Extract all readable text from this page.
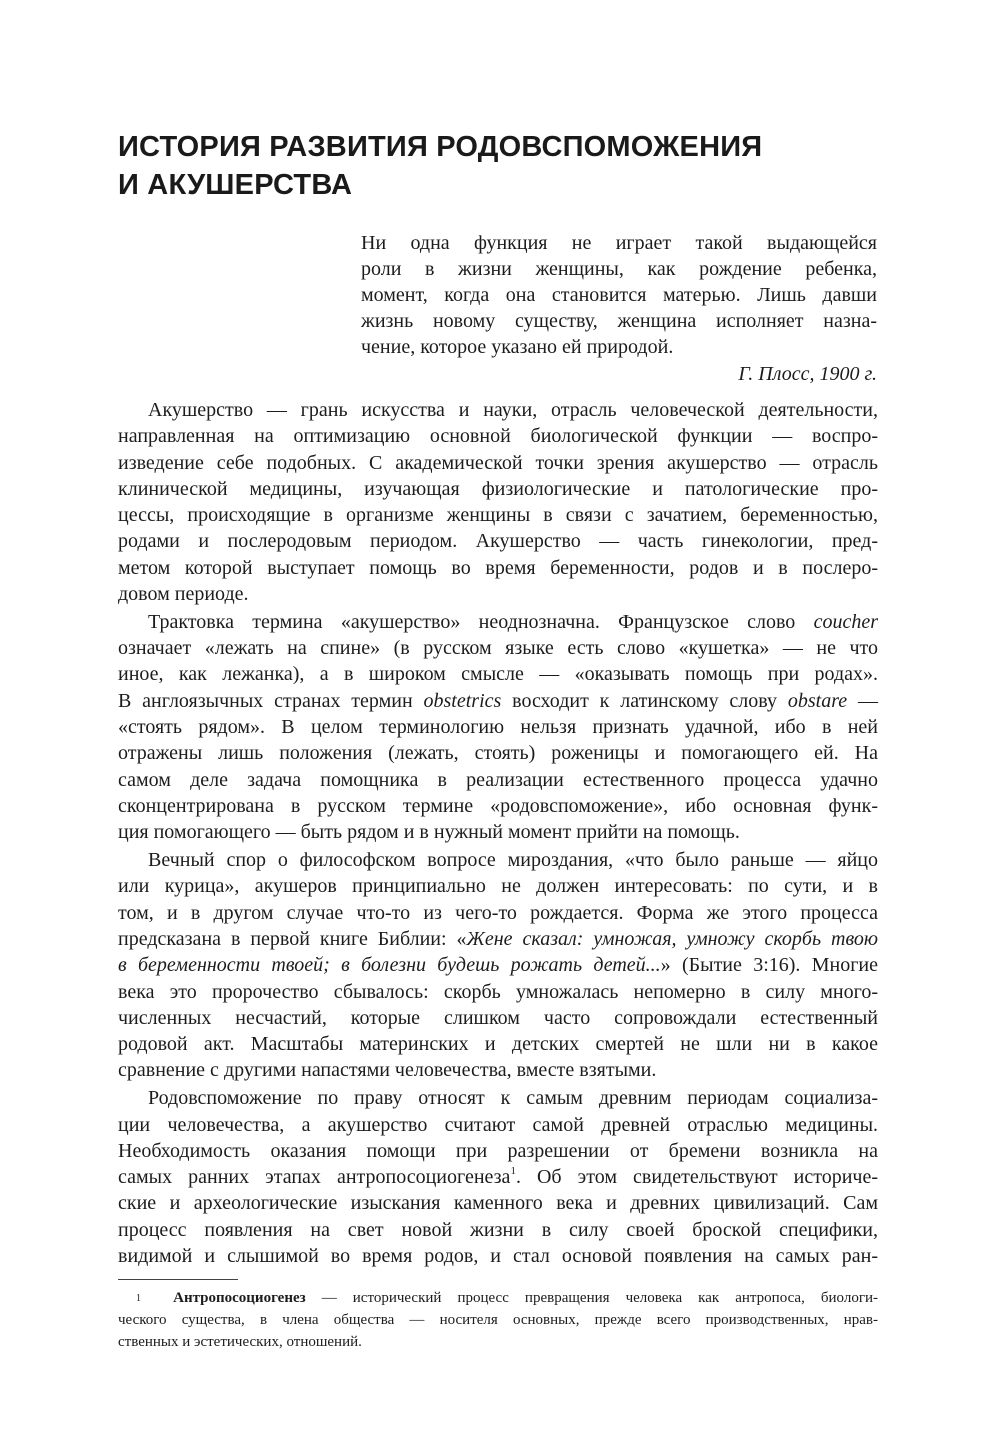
ИСТОРИЯ РАЗВИТИЯ РОДОВСПОМОЖЕНИЯ
И АКУШЕРСТВА
Ни одна функция не играет такой выдающейся
роли в жизни женщины, как рождение ребенка,
момент, когда она становится матерью. Лишь давши
жизнь новому существу, женщина исполняет назна-
чение, которое указано ей природой.
Г. Плосс, 1900 г.
Акушерство — грань искусства и науки, отрасль человеческой деятельности,
направленная на оптимизацию основной биологической функции — воспро-
изведение себе подобных. С академической точки зрения акушерство — отрасль
клинической медицины, изучающая физиологические и патологические про-
цессы, происходящие в организме женщины в связи с зачатием, беременностью,
родами и послеродовым периодом. Акушерство — часть гинекологии, пред-
метом которой выступает помощь во время беременности, родов и в послеро-
довом периоде.
Трактовка термина «акушерство» неоднозначна. Французское слово coucher
означает «лежать на спине» (в русском языке есть слово «кушетка» — не что
иное, как лежанка), а в широком смысле — «оказывать помощь при родах».
В англоязычных странах термин obstetrics восходит к латинскому слову obstare —
«стоять рядом». В целом терминологию нельзя признать удачной, ибо в ней
отражены лишь положения (лежать, стоять) роженицы и помогающего ей. На
самом деле задача помощника в реализации естественного процесса удачно
сконцентрирована в русском термине «родовспоможение», ибо основная функ-
ция помогающего — быть рядом и в нужный момент прийти на помощь.
Вечный спор о философском вопросе мироздания, «что было раньше — яйцо
или курица», акушеров принципиально не должен интересовать: по сути, и в
том, и в другом случае что-то из чего-то рождается. Форма же этого процесса
предсказана в первой книге Библии: «Жене сказал: умножая, умножу скорбь твою
в беременности твоей; в болезни будешь рожать детей...» (Бытие 3:16). Многие
века это пророчество сбывалось: скорбь умножалась непомерно в силу много-
численных несчастий, которые слишком часто сопровождали естественный
родовой акт. Масштабы материнских и детских смертей не шли ни в какое
сравнение с другими напастями человечества, вместе взятыми.
Родовспоможение по праву относят к самым древним периодам социализа-
ции человечества, а акушерство считают самой древней отраслью медицины.
Необходимость оказания помощи при разрешении от бремени возникла на
самых ранних этапах антропосоциогенеза$^1$. Об этом свидетельствуют историче-
ские и археологические изыскания каменного века и древних цивилизаций. Сам
процесс появления на свет новой жизни в силу своей броской специфики,
видимой и слышимой во время родов, и стал основой появления на самых ран-
$^1$ Антропосоциогенез — исторический процесс превращения человека как антропоса, биологи-
ческого существа, в члена общества — носителя основных, прежде всего производственных, нрав-
ственных и эстетических, отношений.
